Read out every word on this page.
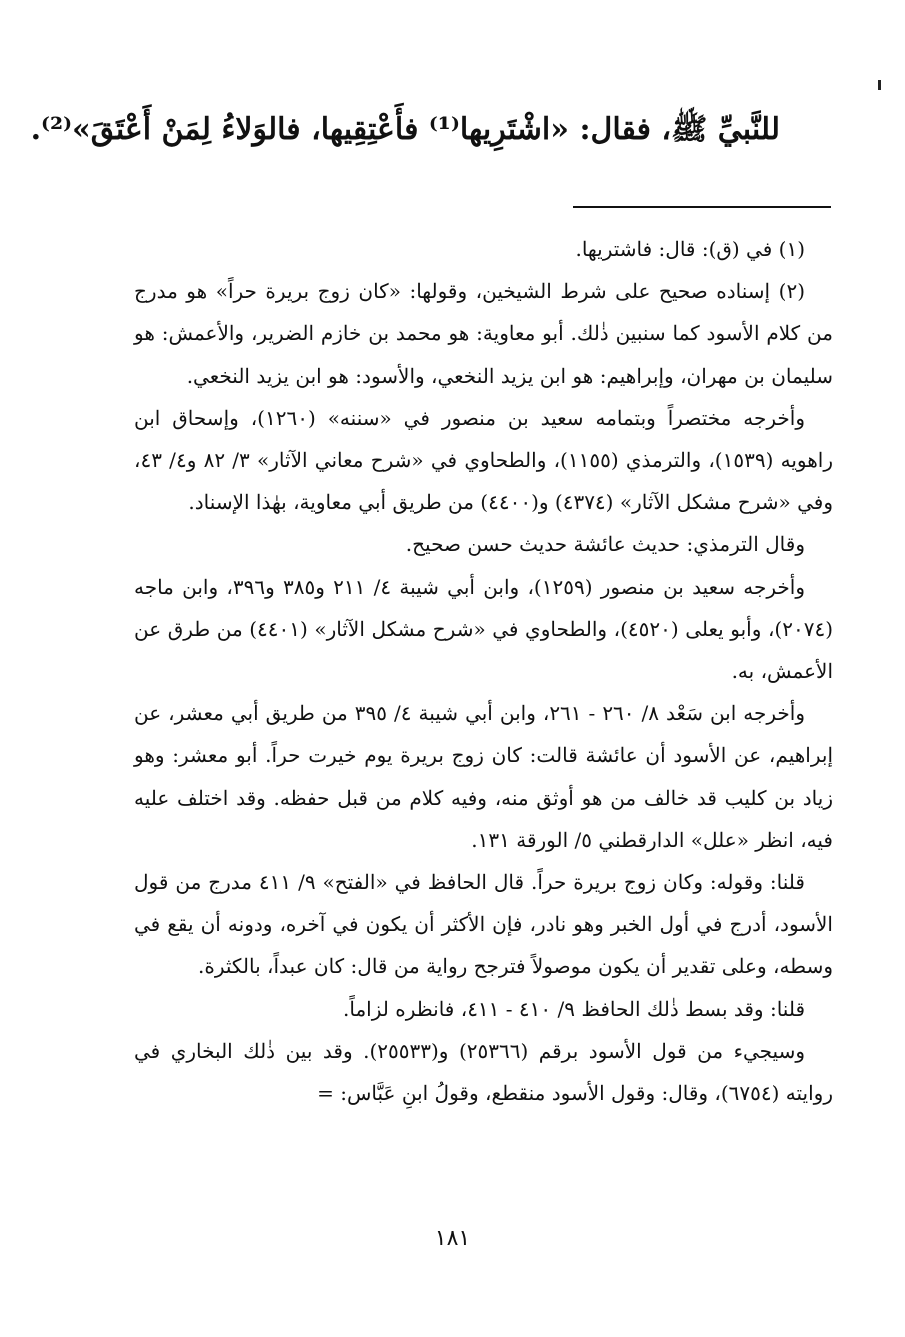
للنَّبيِّ ﷺ، فقال: «اشْتَرِيها⁽¹⁾ فأَعْتِقِيها، فالوَلاءُ لِمَنْ أَعْتَقَ»⁽²⁾.

(١) في (ق): قال: فاشتريها.

(٢) إسناده صحيح على شرط الشيخين، وقولها: «كان زوج بريرة حراً» هو مدرج من كلام الأسود كما سنبين ذٰلك. أبو معاوية: هو محمد بن خازم الضرير، والأعمش: هو سليمان بن مهران، وإبراهيم: هو ابن يزيد النخعي، والأسود: هو ابن يزيد النخعي.

وأخرجه مختصراً وبتمامه سعيد بن منصور في «سننه» (١٢٦٠)، وإسحاق ابن راهويه (١٥٣٩)، والترمذي (١١٥٥)، والطحاوي في «شرح معاني الآثار» ٣/ ٨٢ و٤/ ٤٣، وفي «شرح مشكل الآثار» (٤٣٧٤) و(٤٤٠٠) من طريق أبي معاوية، بهٰذا الإسناد.

وقال الترمذي: حديث عائشة حديث حسن صحيح.

وأخرجه سعيد بن منصور (١٢٥٩)، وابن أبي شيبة ٤/ ٢١١ و٣٨٥ و٣٩٦، وابن ماجه (٢٠٧٤)، وأبو يعلى (٤٥٢٠)، والطحاوي في «شرح مشكل الآثار» (٤٤٠١) من طرق عن الأعمش، به.

وأخرجه ابن سَعْد ٨/ ٢٦٠ - ٢٦١، وابن أبي شيبة ٤/ ٣٩٥ من طريق أبي معشر، عن إبراهيم، عن الأسود أن عائشة قالت: كان زوج بريرة يوم خيرت حراً. أبو معشر: وهو زياد بن كليب قد خالف من هو أوثق منه، وفيه كلام من قبل حفظه. وقد اختلف عليه فيه، انظر «علل» الدارقطني ٥/ الورقة ١٣١.

قلنا: وقوله: وكان زوج بريرة حراً. قال الحافظ في «الفتح» ٩/ ٤١١ مدرج من قول الأسود، أدرج في أول الخبر وهو نادر، فإن الأكثر أن يكون في آخره، ودونه أن يقع في وسطه، وعلى تقدير أن يكون موصولاً فترجح رواية من قال: كان عبداً، بالكثرة.

قلنا: وقد بسط ذٰلك الحافظ ٩/ ٤١٠ - ٤١١، فانظره لزاماً.

وسيجيء من قول الأسود برقم (٢٥٣٦٦) و(٢٥٥٣٣). وقد بين ذٰلك البخاري في روايته (٦٧٥٤)، وقال: وقول الأسود منقطع، وقولُ ابنِ عَبَّاس: =

١٨١
